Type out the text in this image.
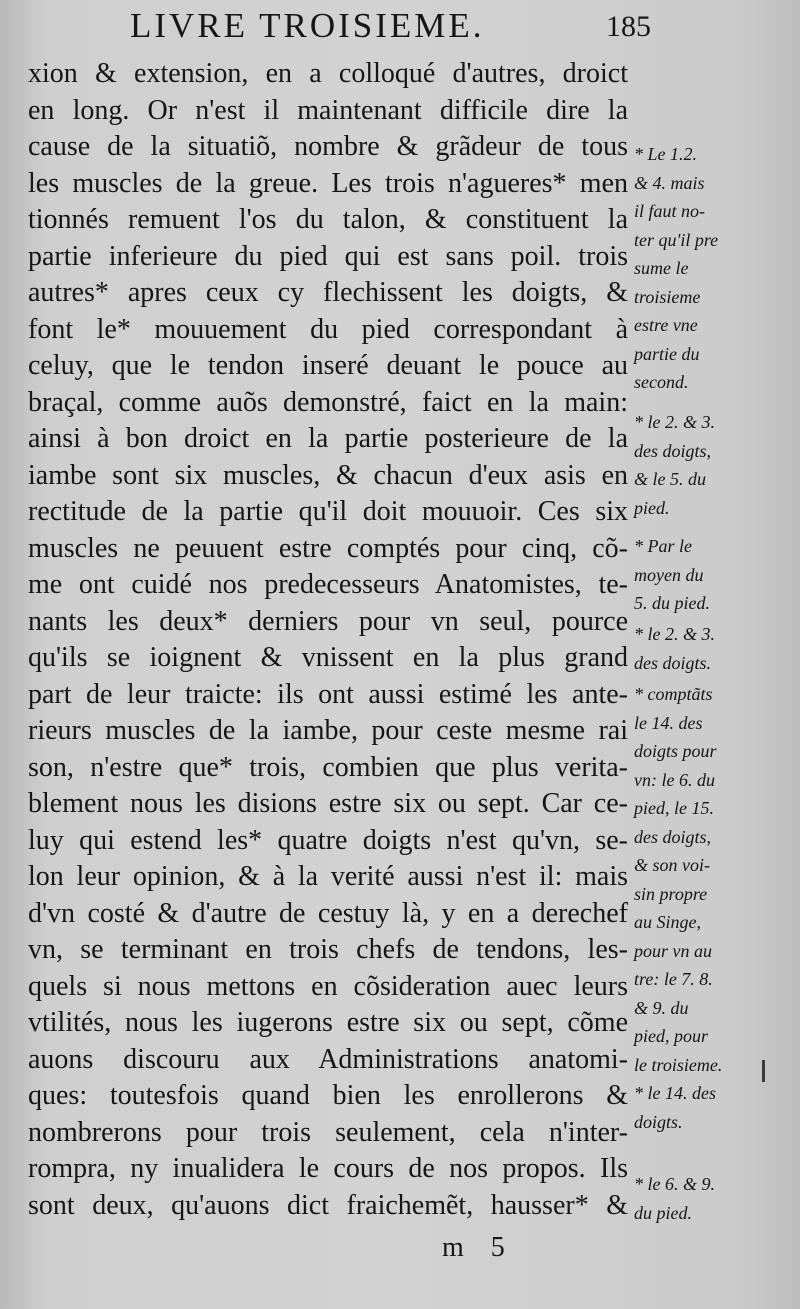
LIVRE TROISIEME.	185
xion & extension, en a colloqué d'autres, droict
en long. Or n'est il maintenant difficile dire la
cause de la situatiõ, nombre & grãdeur de tous
les muscles de la greue. Les trois n'agueres* men
tionnés remuent l'os du talon, & constituent la
partie inferieure du pied qui est sans poil. trois
autres* apres ceux cy flechissent les doigts, &
font le* mouuement du pied correspondant à
celuy, que le tendon inseré deuant le pouce au
braçal, comme auõs demonstré, faict en la main:
ainsi à bon droict en la partie posterieure de la
iambe sont six muscles, & chacun d'eux asis en
rectitude de la partie qu'il doit mouuoir. Ces six
muscles ne peuuent estre comptés pour cinq, cõ-
me ont cuidé nos predecesseurs Anatomistes, te-
nants les deux* derniers pour vn seul, pource
qu'ils se ioignent & vnissent en la plus grand
part de leur traicte: ils ont aussi estimé les ante-
rieurs muscles de la iambe, pour ceste mesme rai
son, n'estre que* trois, combien que plus verita-
blement nous les disions estre six ou sept. Car ce-
luy qui estend les* quatre doigts n'est qu'vn, se-
lon leur opinion, & à la verité aussi n'est il: mais
d'vn costé & d'autre de cestuy là, y en a derechef
vn, se terminant en trois chefs de tendons, les-
quels si nous mettons en cõsideration auec leurs
vtilités, nous les iugerons estre six ou sept, cõme
auons discouru aux Administrations anatomi-
ques: toutesfois quand bien les enrollerons &
nombrerons pour trois seulement, cela n'inter-
rompra, ny inualidera le cours de nos propos. Ils
sont deux, qu'auons dict fraichemẽt, hausser* &
* Le 1.2.
& 4. mais
il faut no-
ter qu'il pre
sume le
troisieme
estre vne
partie du
second.
* le 2. & 3.
des doigts,
& le 5. du
pied.
* Par le
moyen du
5. du pied.
* le 2. & 3.
des doigts.
* comptãts
le 14. des
doigts pour
vn: le 6. du
pied, le 15.
des doigts,
& son voi-
sin propre
au Singe,
pour vn au
tre: le 7. 8.
& 9. du
pied, pour
le troisieme.
* le 14. des
doigts.
* le 6. & 9.
du pied.
m 5
